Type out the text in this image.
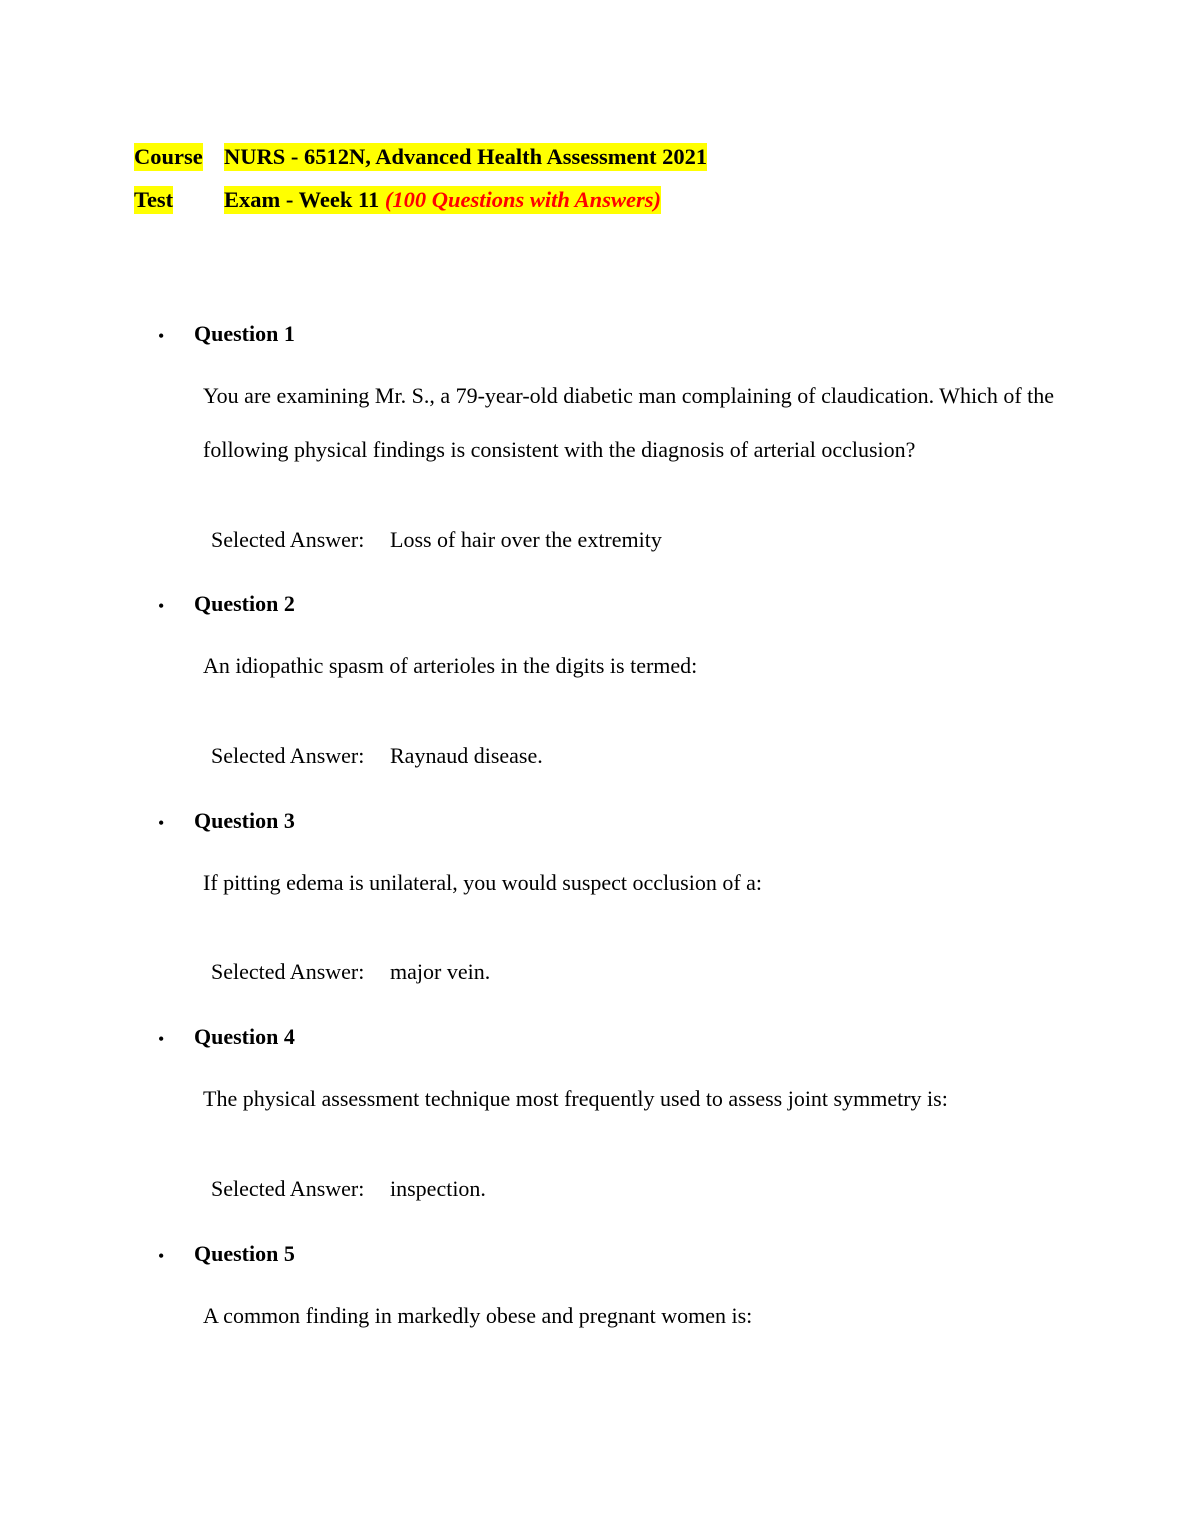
Course NURS - 6512N, Advanced Health Assessment 2021
Test Exam - Week 11 (100 Questions with Answers)
• Question 1
You are examining Mr. S., a 79-year-old diabetic man complaining of claudication. Which of the following physical findings is consistent with the diagnosis of arterial occlusion?
Selected Answer: Loss of hair over the extremity
• Question 2
An idiopathic spasm of arterioles in the digits is termed:
Selected Answer: Raynaud disease.
• Question 3
If pitting edema is unilateral, you would suspect occlusion of a:
Selected Answer: major vein.
• Question 4
The physical assessment technique most frequently used to assess joint symmetry is:
Selected Answer: inspection.
• Question 5
A common finding in markedly obese and pregnant women is:
